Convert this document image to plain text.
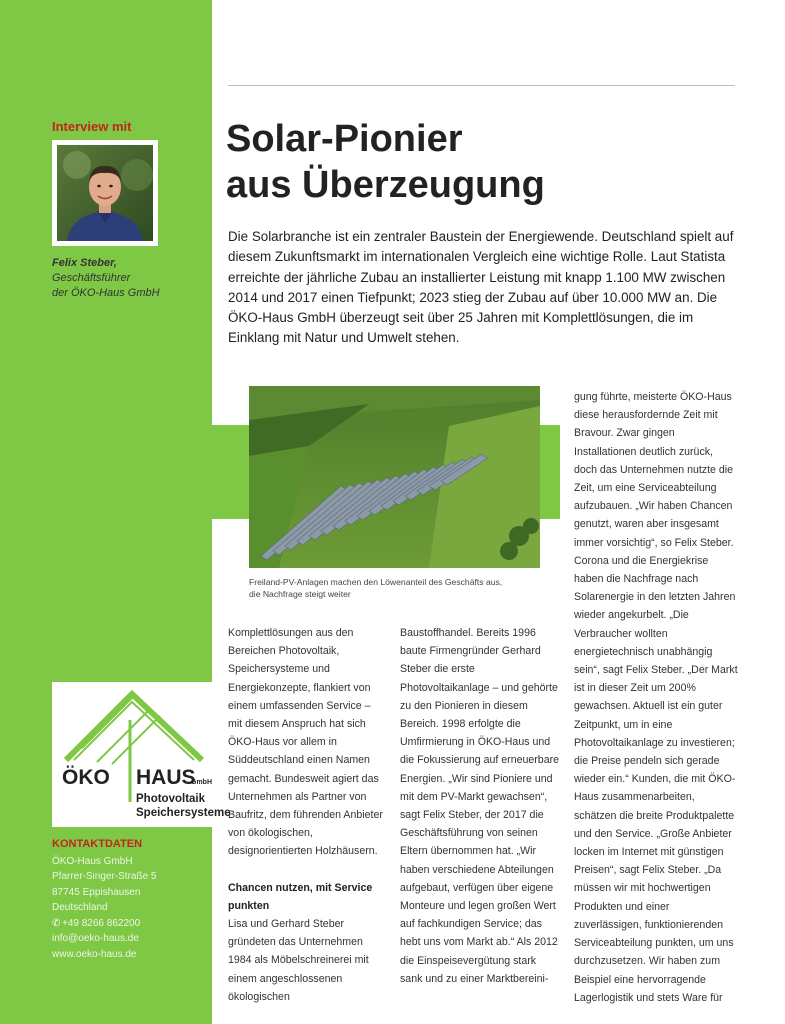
Interview mit
Felix Steber,
Geschäftsführer
der ÖKO-Haus GmbH
ÖKO HAUS
GmbH
Photovoltaik
Speichersysteme
KONTAKTDATEN
ÖKO-Haus GmbH
Pfarrer-Singer-Straße 5
87745 Eppishausen
Deutschland
✆ +49 8266 862200
info@oeko-haus.de
www.oeko-haus.de
Solar-Pionier
aus Überzeugung
Die Solarbranche ist ein zentraler Baustein der Energiewende. Deutschland spielt auf diesem Zukunftsmarkt im internationalen Vergleich eine wichtige Rolle. Laut Statista erreichte der jährliche Zubau an installierter Leistung mit knapp 1.100 MW zwischen 2014 und 2017 einen Tiefpunkt; 2023 stieg der Zubau auf über 10.000 MW an. Die ÖKO-Haus GmbH überzeugt seit über 25 Jahren mit Komplettlösungen, die im Einklang mit Natur und Umwelt stehen.
Freiland-PV-Anlagen machen den Löwenanteil des Geschäfts aus,
die Nachfrage steigt weiter

Komplettlösungen aus den Bereichen Photovoltaik, Speichersysteme und Energiekonzepte, flankiert von einem umfassenden Service – mit diesem Anspruch hat sich ÖKO-Haus vor allem in Süddeutschland einen Namen gemacht. Bundesweit agiert das Unternehmen als Partner von Baufritz, dem führenden Anbieter von ökologischen, designorientierten Holzhäusern.

Chancen nutzen, mit Service punkten

Lisa und Gerhard Steber gründeten das Unternehmen 1984 als Möbelschreinerei mit einem angeschlossenen ökologischen

Baustoffhandel. Bereits 1996 baute Firmengründer Gerhard Steber die erste Photovoltaikanlage – und gehörte zu den Pionieren in diesem Bereich. 1998 erfolgte die Umfirmierung in ÖKO-Haus und die Fokussierung auf erneuerbare Energien. „Wir sind Pioniere und mit dem PV-Markt gewachsen“, sagt Felix Steber, der 2017 die Geschäftsführung von seinen Eltern übernommen hat. „Wir haben verschiedene Abteilungen aufgebaut, verfügen über eigene Monteure und legen großen Wert auf fachkundigen Service; das hebt uns vom Markt ab.“ Als 2012 die Einspeisevergütung stark sank und zu einer Marktbereini-

gung führte, meisterte ÖKO-Haus diese herausfordernde Zeit mit Bravour. Zwar gingen Installationen deutlich zurück, doch das Unternehmen nutzte die Zeit, um eine Serviceabteilung aufzubauen. „Wir haben Chancen genutzt, waren aber insgesamt immer vorsichtig“, so Felix Steber. Corona und die Energiekrise haben die Nachfrage nach Solarenergie in den letzten Jahren wieder angekurbelt. „Die Verbraucher wollten energietechnisch unabhängig sein“, sagt Felix Steber. „Der Markt ist in dieser Zeit um 200% gewachsen. Aktuell ist ein guter Zeitpunkt, um in eine Photovoltaikanlage zu investieren; die Preise pendeln sich gerade wieder ein.“ Kunden, die mit ÖKO-Haus zusammenarbeiten, schätzen die breite Produktpalette und den Service. „Große Anbieter locken im Internet mit günstigen Preisen“, sagt Felix Steber. „Da müssen wir mit hochwertigen Produkten und einer zuverlässigen, funktionierenden Serviceabteilung punkten, um uns durchzusetzen. Wir haben zum Beispiel eine hervorragende Lagerlogistik und stets Ware für
